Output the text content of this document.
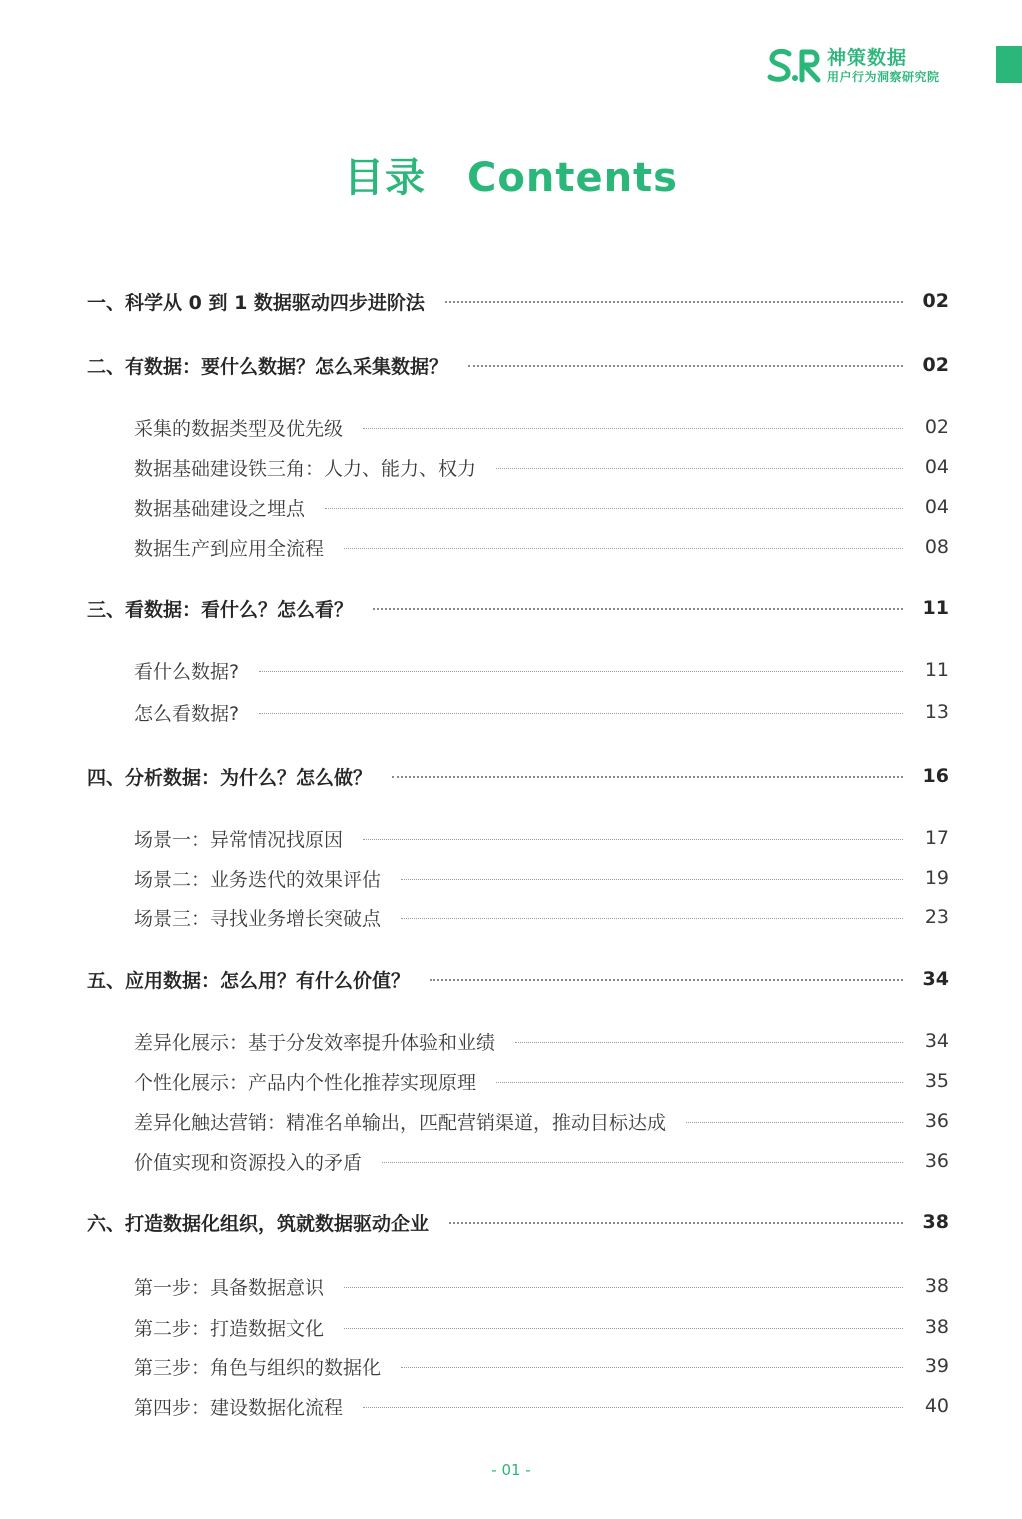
神策数据
用户行为洞察研究院
目录　Contents
一、科学从 0 到 1 数据驱动四步进阶法	02
二、有数据：要什么数据？怎么采集数据？	02
采集的数据类型及优先级	02
数据基础建设铁三角：人力、能力、权力	04
数据基础建设之埋点	04
数据生产到应用全流程	08
三、看数据：看什么？怎么看？	11
看什么数据?	11
怎么看数据?	13
四、分析数据：为什么？怎么做？	16
场景一：异常情况找原因	17
场景二：业务迭代的效果评估	19
场景三：寻找业务增长突破点	23
五、应用数据：怎么用？有什么价值？	34
差异化展示：基于分发效率提升体验和业绩	34
个性化展示：产品内个性化推荐实现原理	35
差异化触达营销：精准名单输出，匹配营销渠道，推动目标达成	36
价值实现和资源投入的矛盾	36
六、打造数据化组织，筑就数据驱动企业	38
第一步：具备数据意识	38
第二步：打造数据文化	38
第三步：角色与组织的数据化	39
第四步：建设数据化流程	40
- 01 -
